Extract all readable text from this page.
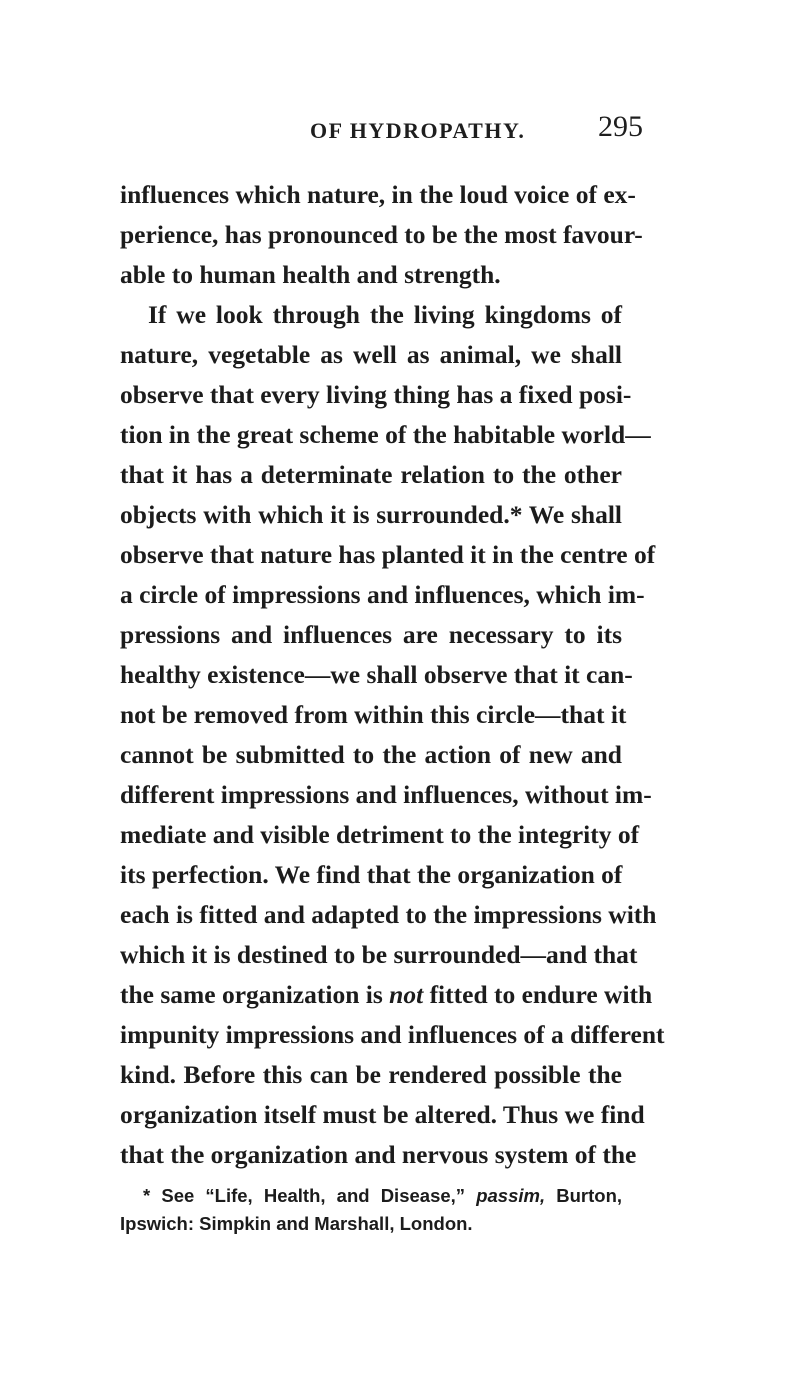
OF HYDROPATHY. 295
influences which nature, in the loud voice of ex-
perience, has pronounced to be the most favour-
able to human health and strength.
If we look through the living kingdoms of
nature, vegetable as well as animal, we shall
observe that every living thing has a fixed posi-
tion in the great scheme of the habitable world—
that it has a determinate relation to the other
objects with which it is surrounded.* We shall
observe that nature has planted it in the centre of
a circle of impressions and influences, which im-
pressions and influences are necessary to its
healthy existence—we shall observe that it can-
not be removed from within this circle—that it
cannot be submitted to the action of new and
different impressions and influences, without im-
mediate and visible detriment to the integrity of
its perfection. We find that the organization of
each is fitted and adapted to the impressions with
which it is destined to be surrounded—and that
the same organization is not fitted to endure with
impunity impressions and influences of a different
kind. Before this can be rendered possible the
organization itself must be altered. Thus we find
that the organization and nervous system of the
* See “Life, Health, and Disease,” passim, Burton,
Ipswich: Simpkin and Marshall, London.
